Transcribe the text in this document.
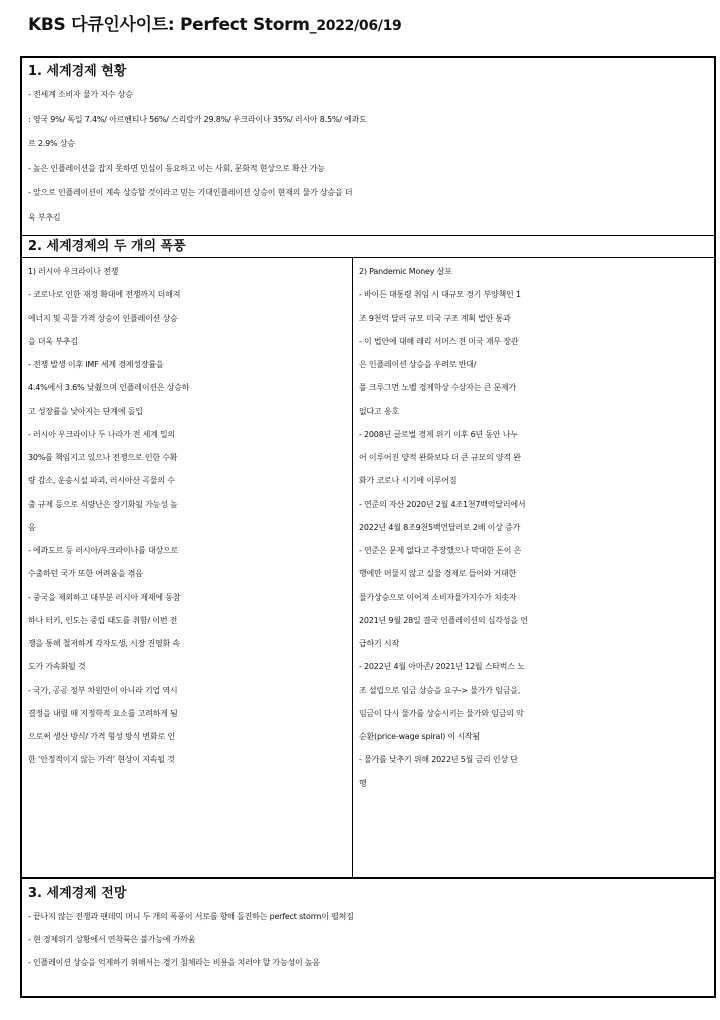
KBS 다큐인사이트: Perfect Storm_2022/06/19
1. 세계경제 현황
- 전세계 소비자 물가 지수 상승
: 영국 9%/ 독일 7.4%/ 아르헨티나 56%/ 스리랑카 29.8%/ 우크라이나 35%/ 러시아 8.5%/ 에콰도
르 2.9% 상승
- 높은 인플레이션을 잡지 못하면 민심이 동요하고 이는 사회, 문화적 현상으로 확산 가능
- 앞으로 인플레이션이 계속 상승할 것이라고 믿는 기대인플레이션 상승이 현재의 물가 상승을 더
욱 부추김
2. 세계경제의 두 개의 폭풍
1) 러시아 우크라이나 전쟁
- 코로나로 인한 재정 확대에 전쟁까지 더해져
에너지 및 곡물 가격 상승이 인플레이션 상승
을 더욱 부추김
- 전쟁 발생 이후 IMF 세계 경제성장률을
4.4%에서 3.6% 낮췄으며 인플레이션은 상승하
고 성장률을 낮아지는 단계에 돌입
- 러시아 우크라이나 두 나라가 전 세계 밀의
30%를 책임지고 있으나 전쟁으로 인한 수확
량 감소, 운송시설 파괴, 러시아산 곡물의 수
출 규제 등으로 식량난은 장기화될 가능성 높
음
- 에콰도르 등 러시아/우크라이나를 대상으로
수출하던 국가 또한 어려움을 겪음
- 중국을 제외하고 대부분 러시아 제재에 동참
하나 터키, 인도는 중립 태도를 취함/ 이번 전
쟁을 통해 철저하게 각자도생, 시장 진영화 속
도가 가속화될 것
- 국가, 공공 정부 차원만이 아니라 기업 역시
결정을 내릴 때 지정학적 요소를 고려하게 됨
으로써 생산 방식/ 가격 형성 방식 변화로 인
한 ‘안정적이지 않는 가격’ 현상이 지속될 것
2) Pandemic Money 살포
- 바이든 대통령 취임 시 대규모 경기 부양책인 1
조 9천억 달러 규모 미국 구조 계획 법안 통과
- 이 법안에 대해 래리 서머스 전 미국 재무 장관
은 인플레이션 상승을 우려로 반대/
폴 크루그먼 노벨 경제학상 수상자는 큰 문제가
없다고 옹호
- 2008년 글로벌 경제 위기 이후 6년 동안 나누
어 이루어진 양적 완화보다 더 큰 규모의 양적 완
화가 코로나 시기에 이루어짐
- 연준의 자산 2020년 2월 4조1천7백억달러에서
2022년 4월 8조9천5백언달러로 2배 이상 증가
- 연준은 문제 없다고 주장했으나 막대한 돈이 은
행에만 머물지 않고 실물 경제로 들어와 거대한
물가상승으로 이어져 소비자물가지수가 치솟자
2021년 9월 28일 결국 인플레이션의 심각성을 언
급하기 시작
- 2022년 4월 아마존/ 2021년 12월 스타벅스 노
조 설립으로 임금 상승을 요구-> 물가가 임금을,
임금이 다시 물가를 상승시키는 물가와 임금의 악
순환(price-wage spiral) 이 시작됨
- 물가를 낮추기 위해 2022년 5월 금리 인상 단
행
3. 세계경제 전망
- 끝나지 않는 전쟁과 팬데믹 머니 두 개의 폭풍이 서로를 향해 돌진하는 perfect storm이 펼쳐짐
- 현 경제위기 상황에서 연착륙은 불가능에 가까움
- 인플레이션 상승을 억제하기 위해서는 경기 침체라는 비용을 치러야 할 가능성이 높음
